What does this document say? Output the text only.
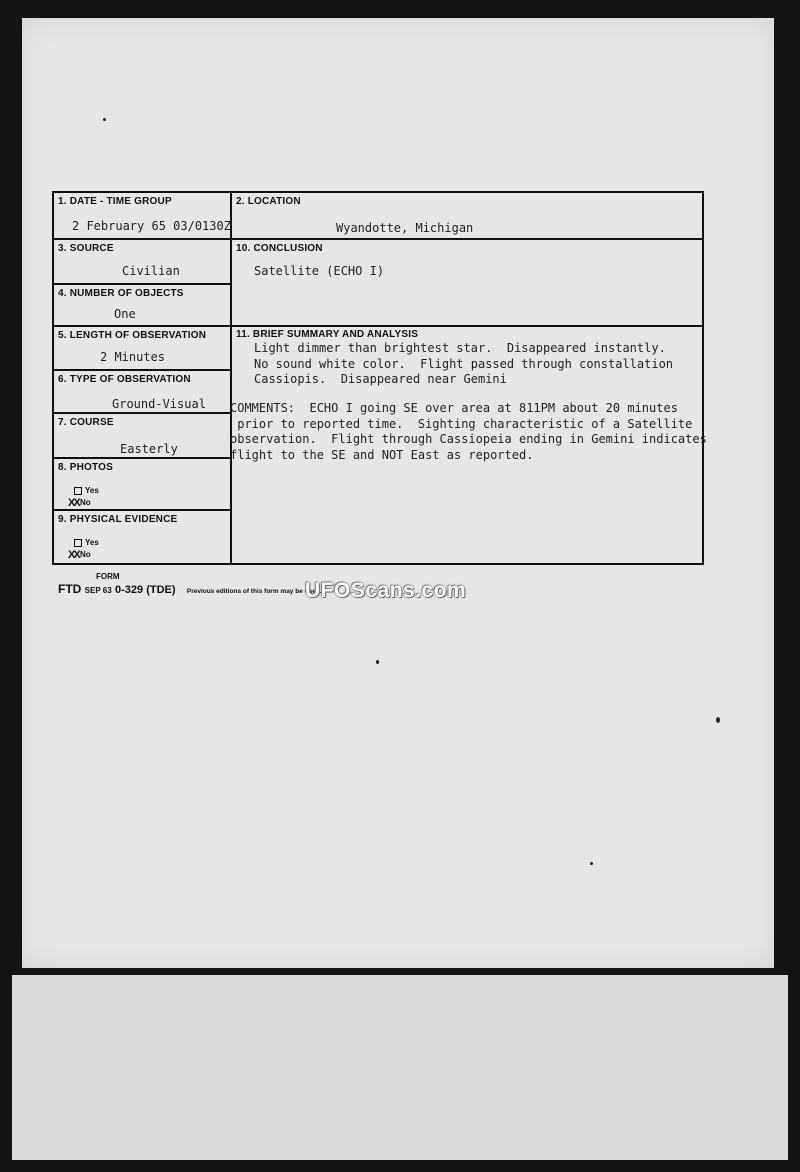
1. DATE - TIME GROUP
2 February 65 03/0130Z
3. SOURCE
Civilian
4. NUMBER OF OBJECTS
One
5. LENGTH OF OBSERVATION
2 Minutes
6. TYPE OF OBSERVATION
Ground-Visual
7. COURSE
Easterly
8. PHOTOS
Yes
XXNo
9. PHYSICAL EVIDENCE
Yes
XXNo
2. LOCATION
Wyandotte, Michigan
10. CONCLUSION
Satellite (ECHO I)
11. BRIEF SUMMARY AND ANALYSIS
Light dimmer than brightest star.  Disappeared instantly.
No sound white color.  Flight passed through constallation
Cassiopis.  Disappeared near Gemini
COMMENTS:  ECHO I going SE over area at 811PM about 20 minutes
prior to reported time.  Sighting characteristic of a Satellite
observation.  Flight through Cassiopeia ending in Gemini indicates
flight to the SE and NOT East as reported.
FORM
FTD SEP 63 0-329 (TDE) Previous editions of this form may be used.
UFOScans.com
